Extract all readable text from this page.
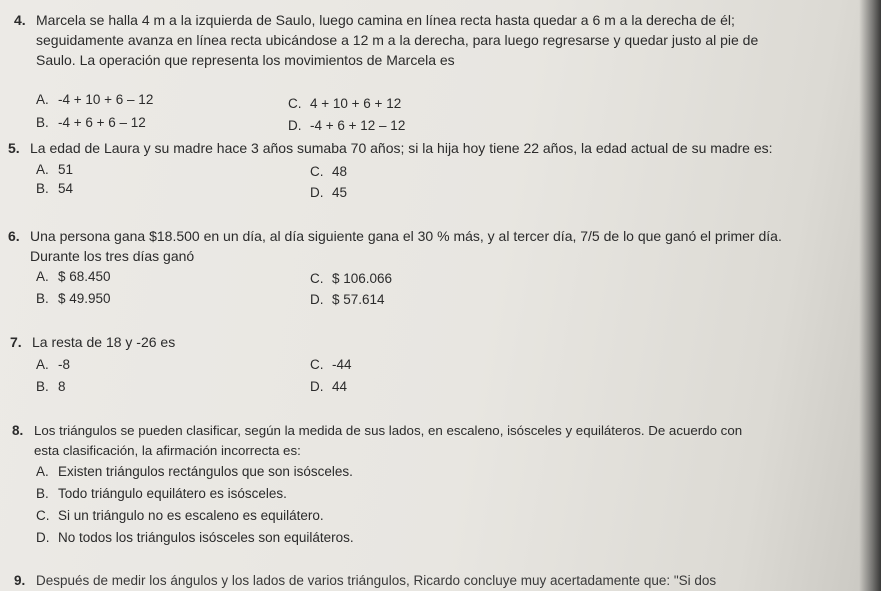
4. Marcela se halla 4 m a la izquierda de Saulo, luego camina en línea recta hasta quedar a 6 m a la derecha de él;
seguidamente avanza en línea recta ubicándose a 12 m a la derecha, para luego regresarse y quedar justo al pie de
Saulo. La operación que representa los movimientos de Marcela es
A. -4 + 10 + 6 – 12
B. -4 + 6 + 6 – 12
C. 4 + 10 + 6 + 12
D. -4 + 6 + 12 – 12
5. La edad de Laura y su madre hace 3 años sumaba 70 años; si la hija hoy tiene 22 años, la edad actual de su madre es:
A. 51
B. 54
C. 48
D. 45
6. Una persona gana $18.500 en un día, al día siguiente gana el 30 % más, y al tercer día, 7/5 de lo que ganó el primer día.
Durante los tres días ganó
A. $ 68.450
B. $ 49.950
C. $ 106.066
D. $ 57.614
7. La resta de 18 y -26 es
A. -8
B. 8
C. -44
D. 44
8. Los triángulos se pueden clasificar, según la medida de sus lados, en escaleno, isósceles y equiláteros. De acuerdo con
esta clasificación, la afirmación incorrecta es:
A. Existen triángulos rectángulos que son isósceles.
B. Todo triángulo equilátero es isósceles.
C. Si un triángulo no es escaleno es equilátero.
D. No todos los triángulos isósceles son equiláteros.
9. Después de medir los ángulos y los lados de varios triángulos, Ricardo concluye muy acertadamente que: "Si dos
